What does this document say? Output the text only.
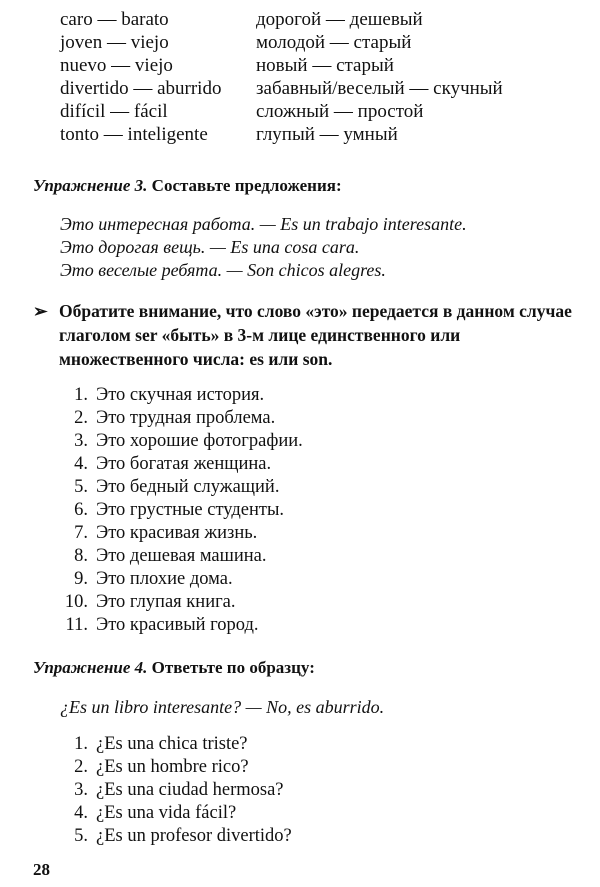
caro — barato	дорогой — дешевый
joven — viejo	молодой — старый
nuevo — viejo	новый — старый
divertido — aburrido забавный/веселый — скучный
difícil — fácil	сложный — простой
tonto — inteligente	глупый — умный
Упражнение 3. Составьте предложения:
Это интересная работа. — Es un trabajo interesante.
Это дорогая вещь. — Es una cosa cara.
Это веселые ребята. — Son chicos alegres.
➢ Обратите внимание, что слово «это» передается в данном случае глаголом ser «быть» в 3-м лице единственного или множественного числа: es или son.
1. Это скучная история.
2. Это трудная проблема.
3. Это хорошие фотографии.
4. Это богатая женщина.
5. Это бедный служащий.
6. Это грустные студенты.
7. Это красивая жизнь.
8. Это дешевая машина.
9. Это плохие дома.
10. Это глупая книга.
11. Это красивый город.
Упражнение 4. Ответьте по образцу:
¿Es un libro interesante? — No, es aburrido.
1. ¿Es una chica triste?
2. ¿Es un hombre rico?
3. ¿Es una ciudad hermosa?
4. ¿Es una vida fácil?
5. ¿Es un profesor divertido?
28
